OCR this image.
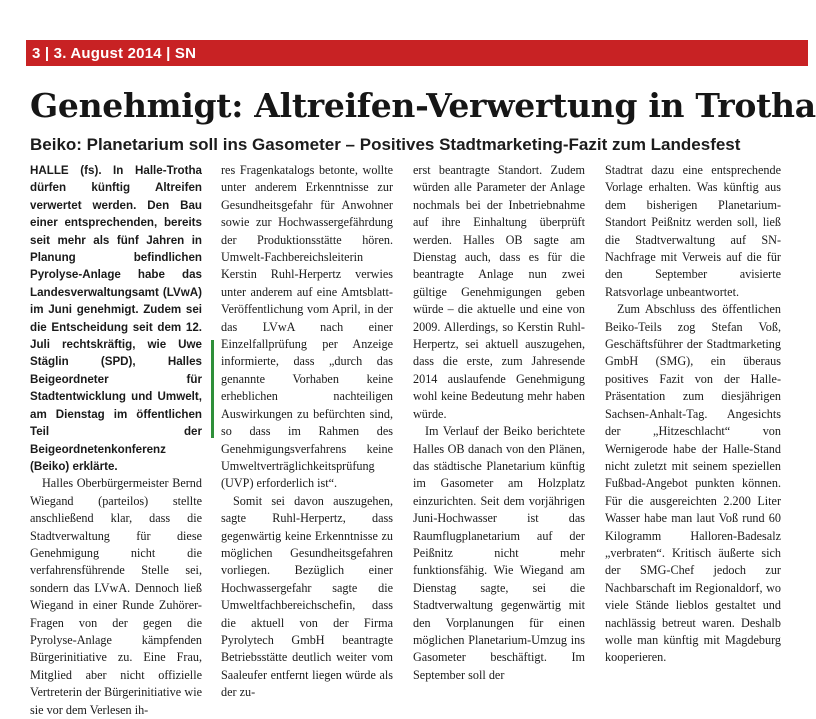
3 | 3. August 2014 | SN
Genehmigt: Altreifen-Verwertung in Trotha
Beiko: Planetarium soll ins Gasometer – Positives Stadtmarketing-Fazit zum Landesfest

HALLE (fs). In Halle-Trotha dürfen künftig Altreifen verwertet werden. Den Bau einer entsprechenden, bereits seit mehr als fünf Jahren in Planung befindlichen Pyrolyse-Anlage habe das Landesverwaltungsamt (LVwA) im Juni genehmigt. Zudem sei die Entscheidung seit dem 12. Juli rechtskräftig, wie Uwe Stäglin (SPD), Halles Beigeordneter für Stadtentwicklung und Umwelt, am Dienstag im öffentlichen Teil der Beigeordnetenkonferenz (Beiko) erklärte.

Halles Oberbürgermeister Bernd Wiegand (parteilos) stellte anschließend klar, dass die Stadtverwaltung für diese Genehmigung nicht die verfahrensführende Stelle sei, sondern das LVwA. Dennoch ließ Wiegand in einer Runde Zuhörer-Fragen von der gegen die Pyrolyse-Anlage kämpfenden Bürgerinitiative zu. Eine Frau, Mitglied aber nicht offizielle Vertreterin der Bürgerinitiative wie sie vor dem Verlesen ih-

res Fragenkatalogs betonte, wollte unter anderem Erkenntnisse zur Gesundheitsgefahr für Anwohner sowie zur Hochwassergefährdung der Produktionsstätte hören. Umwelt-Fachbereichsleiterin Kerstin Ruhl-Herpertz verwies unter anderem auf eine Amtsblatt-Veröffentlichung vom April, in der das LVwA nach einer Einzelfallprüfung per Anzeige informierte, dass „durch das genannte Vorhaben keine erheblichen nachteiligen Auswirkungen zu befürchten sind, so dass im Rahmen des Genehmigungsverfahrens keine Umweltverträglichkeitsprüfung (UVP) erforderlich ist“.

Somit sei davon auszugehen, sagte Ruhl-Herpertz, dass gegenwärtig keine Erkenntnisse zu möglichen Gesundheitsgefahren vorliegen. Bezüglich einer Hochwassergefahr sagte die Umweltfachbereichschefin, dass die aktuell von der Firma Pyrolytech GmbH beantragte Betriebsstätte deutlich weiter vom Saaleufer entfernt liegen würde als der zu-

erst beantragte Standort. Zudem würden alle Parameter der Anlage nochmals bei der Inbetriebnahme auf ihre Einhaltung überprüft werden. Halles OB sagte am Dienstag auch, dass es für die beantragte Anlage nun zwei gültige Genehmigungen geben würde – die aktuelle und eine von 2009. Allerdings, so Kerstin Ruhl-Herpertz, sei aktuell auszugehen, dass die erste, zum Jahresende 2014 auslaufende Genehmigung wohl keine Bedeutung mehr haben würde.

Im Verlauf der Beiko berichtete Halles OB danach von den Plänen, das städtische Planetarium künftig im Gasometer am Holzplatz einzurichten. Seit dem vorjährigen Juni-Hochwasser ist das Raumflugplanetarium auf der Peißnitz nicht mehr funktionsfähig. Wie Wiegand am Dienstag sagte, sei die Stadtverwaltung gegenwärtig mit den Vorplanungen für einen möglichen Planetarium-Umzug ins Gasometer beschäftigt. Im September soll der

Stadtrat dazu eine entsprechende Vorlage erhalten. Was künftig aus dem bisherigen Planetarium-Standort Peißnitz werden soll, ließ die Stadtverwaltung auf SN-Nachfrage mit Verweis auf die für den September avisierte Ratsvorlage unbeantwortet.

Zum Abschluss des öffentlichen Beiko-Teils zog Stefan Voß, Geschäftsführer der Stadtmarketing GmbH (SMG), ein überaus positives Fazit von der Halle-Präsentation zum diesjährigen Sachsen-Anhalt-Tag. Angesichts der „Hitzeschlacht“ von Wernigerode habe der Halle-Stand nicht zuletzt mit seinem speziellen Fußbad-Angebot punkten können. Für die ausgereichten 2.200 Liter Wasser habe man laut Voß rund 60 Kilogramm Halloren-Badesalz „verbraten“. Kritisch äußerte sich der SMG-Chef jedoch zur Nachbarschaft im Regionaldorf, wo viele Stände lieblos gestaltet und nachlässig betreut waren. Deshalb wolle man künftig mit Magdeburg kooperieren.
